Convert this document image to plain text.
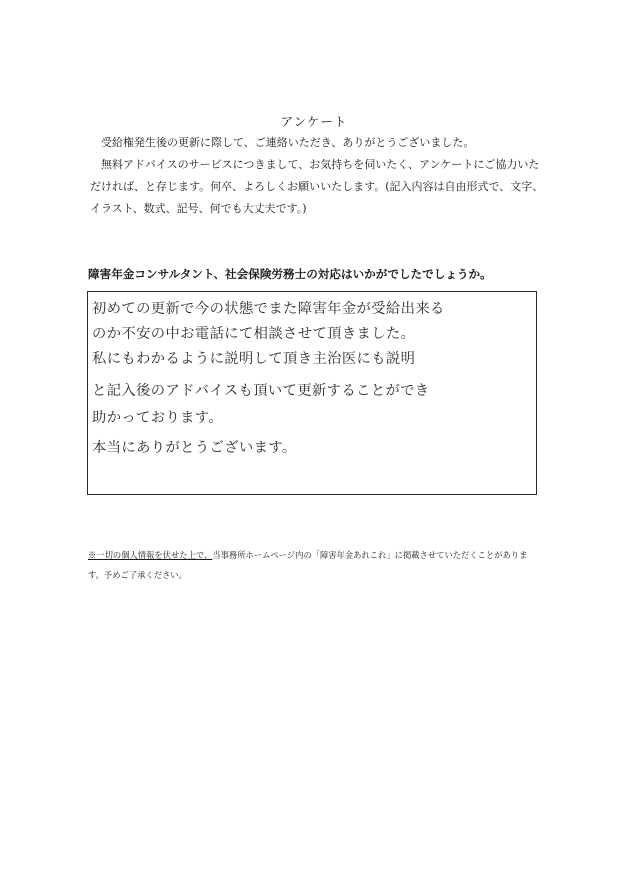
アンケート

受給権発生後の更新に際して、ご連絡いただき、ありがとうございました。

無料アドバイスのサービスにつきまして、お気持ちを伺いたく、アンケートにご協力いた

だければ、と存じます。何卒、よろしくお願いいたします。(記入内容は自由形式で、文字、

イラスト、数式、記号、何でも大丈夫です。)

障害年金コンサルタント、社会保険労務士の対応はいかがでしたでしょうか。
初めての更新で今の状態でまた障害年金が受給出来る
のか不安の中お電話にて相談させて頂きました。
私にもわかるように説明して頂き主治医にも説明
と記入後のアドバイスも頂いて更新することができ
助かっております。
本当にありがとうございます。

※一切の個人情報を伏せた上で、当事務所ホームページ内の「障害年金あれこれ」に掲載させていただくことがありま

す。予めご了承ください。
